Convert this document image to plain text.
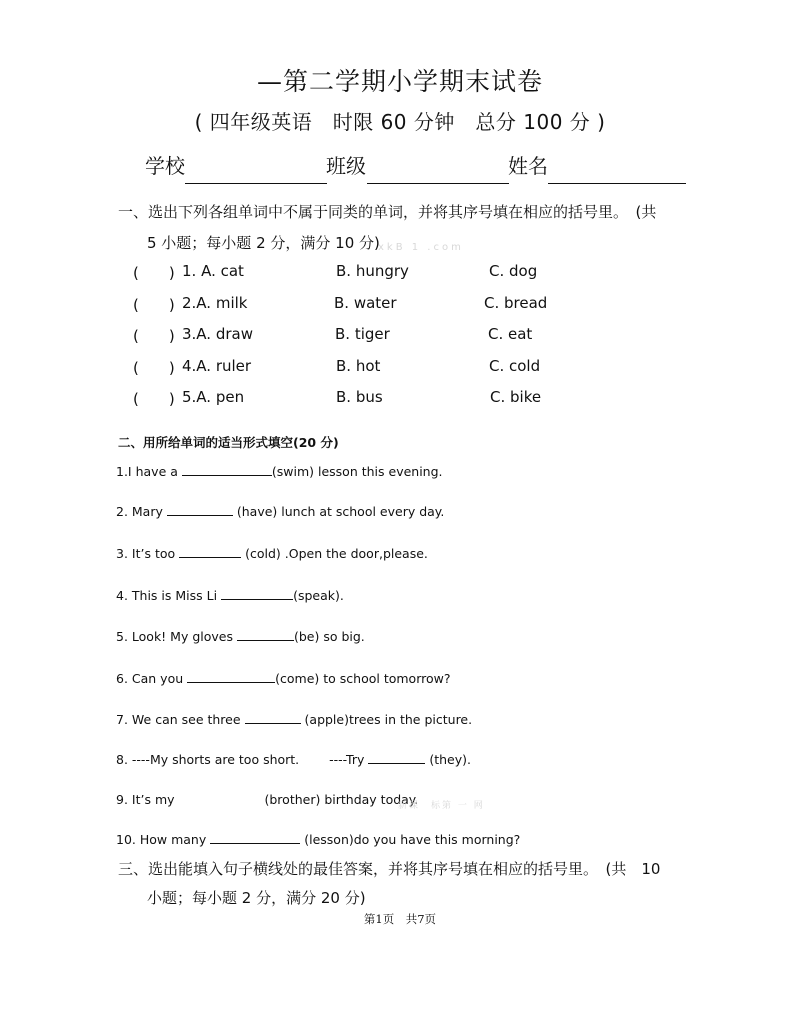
—第二学期小学期末试卷
( 四年级英语　时限 60 分钟　总分 100 分 )
学校	班级	姓名
一、选出下列各组单词中不属于同类的单词，并将其序号填在相应的括号里。　(共
5 小题；每小题 2 分，满分 10 分)
xkB 1 .com
(　　) 1. A. cat	B. hungry	C. dog
(　　) 2.A. milk	B. water	C. bread
(　　) 3.A. draw	B. tiger	C. eat
(　　) 4.A. ruler	B. hot	C. cold
(　　) 5.A. pen	B. bus	C. bike
二、用所给单词的适当形式填空(20 分)
1.I have a	(swim) lesson this evening.
2. Mary	(have) lunch at school every day.
3. It’s too	(cold) .Open the door,please.
4. This is Miss Li	(speak).
5. Look! My gloves	(be) so big.
6. Can you	(come) to school tomorrow?
7. We can see three	(apple)trees in the picture.
8. ----My shorts are too short. ----Try	(they).
9. It’s my	(brother) birthday today.
新课　标第 一 网
10. How many	(lesson)do you have this morning?
三、选出能填入句子横线处的最佳答案，并将其序号填在相应的括号里。　(共　10
小题；每小题 2 分，满分 20 分)
第1页　共7页
